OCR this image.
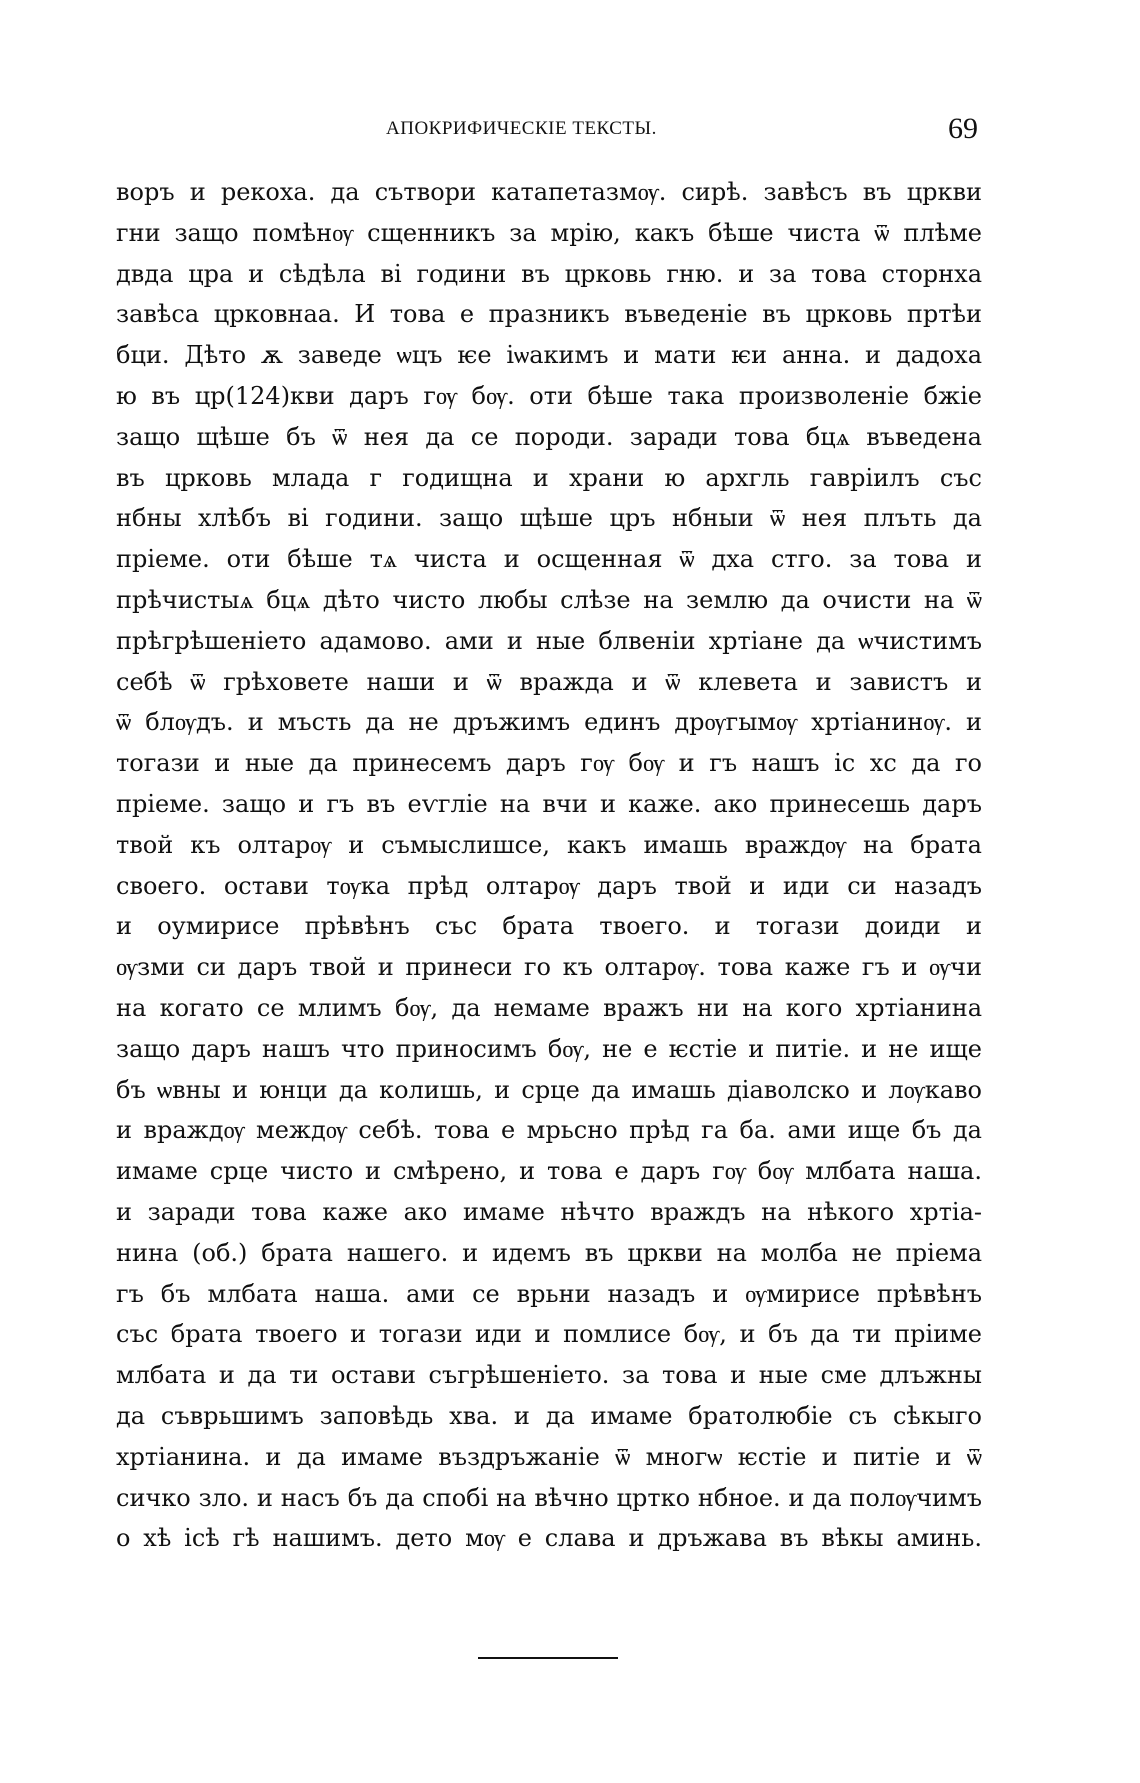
АПОКРИФИЧЕСКІЕ ТЕКСТЫ.	69
воръ и рекоха. да сътвори катапетазмѹ. сирѣ. завѣсъ въ цркви
гни защо помѣнѹ сщенникъ за мрію, какъ бѣше чиста ѿ плѣме
двда цра и сѣдѣла ві години въ црковь гню. и за това сторнха
завѣса црковнаа. И това е празникъ въведеніе въ црковь пртѣи
бци. Дѣто ѫ заведе ѡцъ ѥе іѡакимъ и мати ѥи анна. и дадоха
ю въ цр(124)кви даръ гѹ бѹ. оти бѣше така произволеніе бжіе
защо щѣше бъ ѿ нея да се породи. заради това бцѧ въведена
въ црковь млада г годищна и храни ю архгль гавріилъ със
нбны хлѣбъ ві години. защо щѣше цръ нбныи ѿ нея плъть да
пріеме. оти бѣше тѧ чиста и осщенная ѿ дха стго. за това и
прѣчистыѧ бцѧ дѣто чисто любы слѣзе на землю да очисти на ѿ
прѣгрѣшеніето адамово. ами и ные блвеніи хртіане да ѡчистимъ
себѣ ѿ грѣховете наши и ѿ вражда и ѿ клевета и завистъ и
ѿ блѹдъ. и мъсть да не дръжимъ единъ дрѹгымѹ хртіанинѹ. и
тогази и ные да принесемъ даръ гѹ бѹ и гъ нашъ іс хс да го
пріеме. защо и гъ въ еѵгліе на вчи и каже. ако принесешь даръ
твой къ олтарѹ и съмыслишсе, какъ имашь враждѹ на брата
своего. остави тѹка прѣд олтарѹ даръ твой и иди си назадъ
и оумирисе прѣвѣнъ със брата твоего. и тогази доиди и
ѹзми си даръ твой и принеси го къ олтарѹ. това каже гъ и ѹчи
на когато се млимъ бѹ, да немаме вражъ ни на кого хртіанина
защо даръ нашъ что приносимъ бѹ, не е ѥстіе и питіе. и не ище
бъ ѡвны и юнци да колишь, и срце да имашь діаволско и лѹкаво
и враждѹ междѹ себѣ. това е мрьсно прѣд га ба. ами ище бъ да
имаме срце чисто и смѣрено, и това е даръ гѹ бѹ млбата наша.
и заради това каже ако имаме нѣчто враждъ на нѣкого хртіа-
нина (об.) брата нашего. и идемъ въ цркви на молба не пріема
гъ бъ млбата наша. ами се врьни назадъ и ѹмирисе прѣвѣнъ
със брата твоего и тогази иди и помлисе бѹ, и бъ да ти пріиме
млбата и да ти остави съгрѣшеніето. за това и ные сме длъжны
да съврьшимъ заповѣдь хва. и да имаме братолюбіе съ сѣкыго
хртіанина. и да имаме въздръжаніе ѿ многѡ ѥстіе и питіе и ѿ
сичко зло. и насъ бъ да спобі на вѣчно цртко нбное. и да полѹчимъ
о хѣ ісѣ гѣ нашимъ. дето мѹ е слава и дръжава въ вѣкы аминь.
